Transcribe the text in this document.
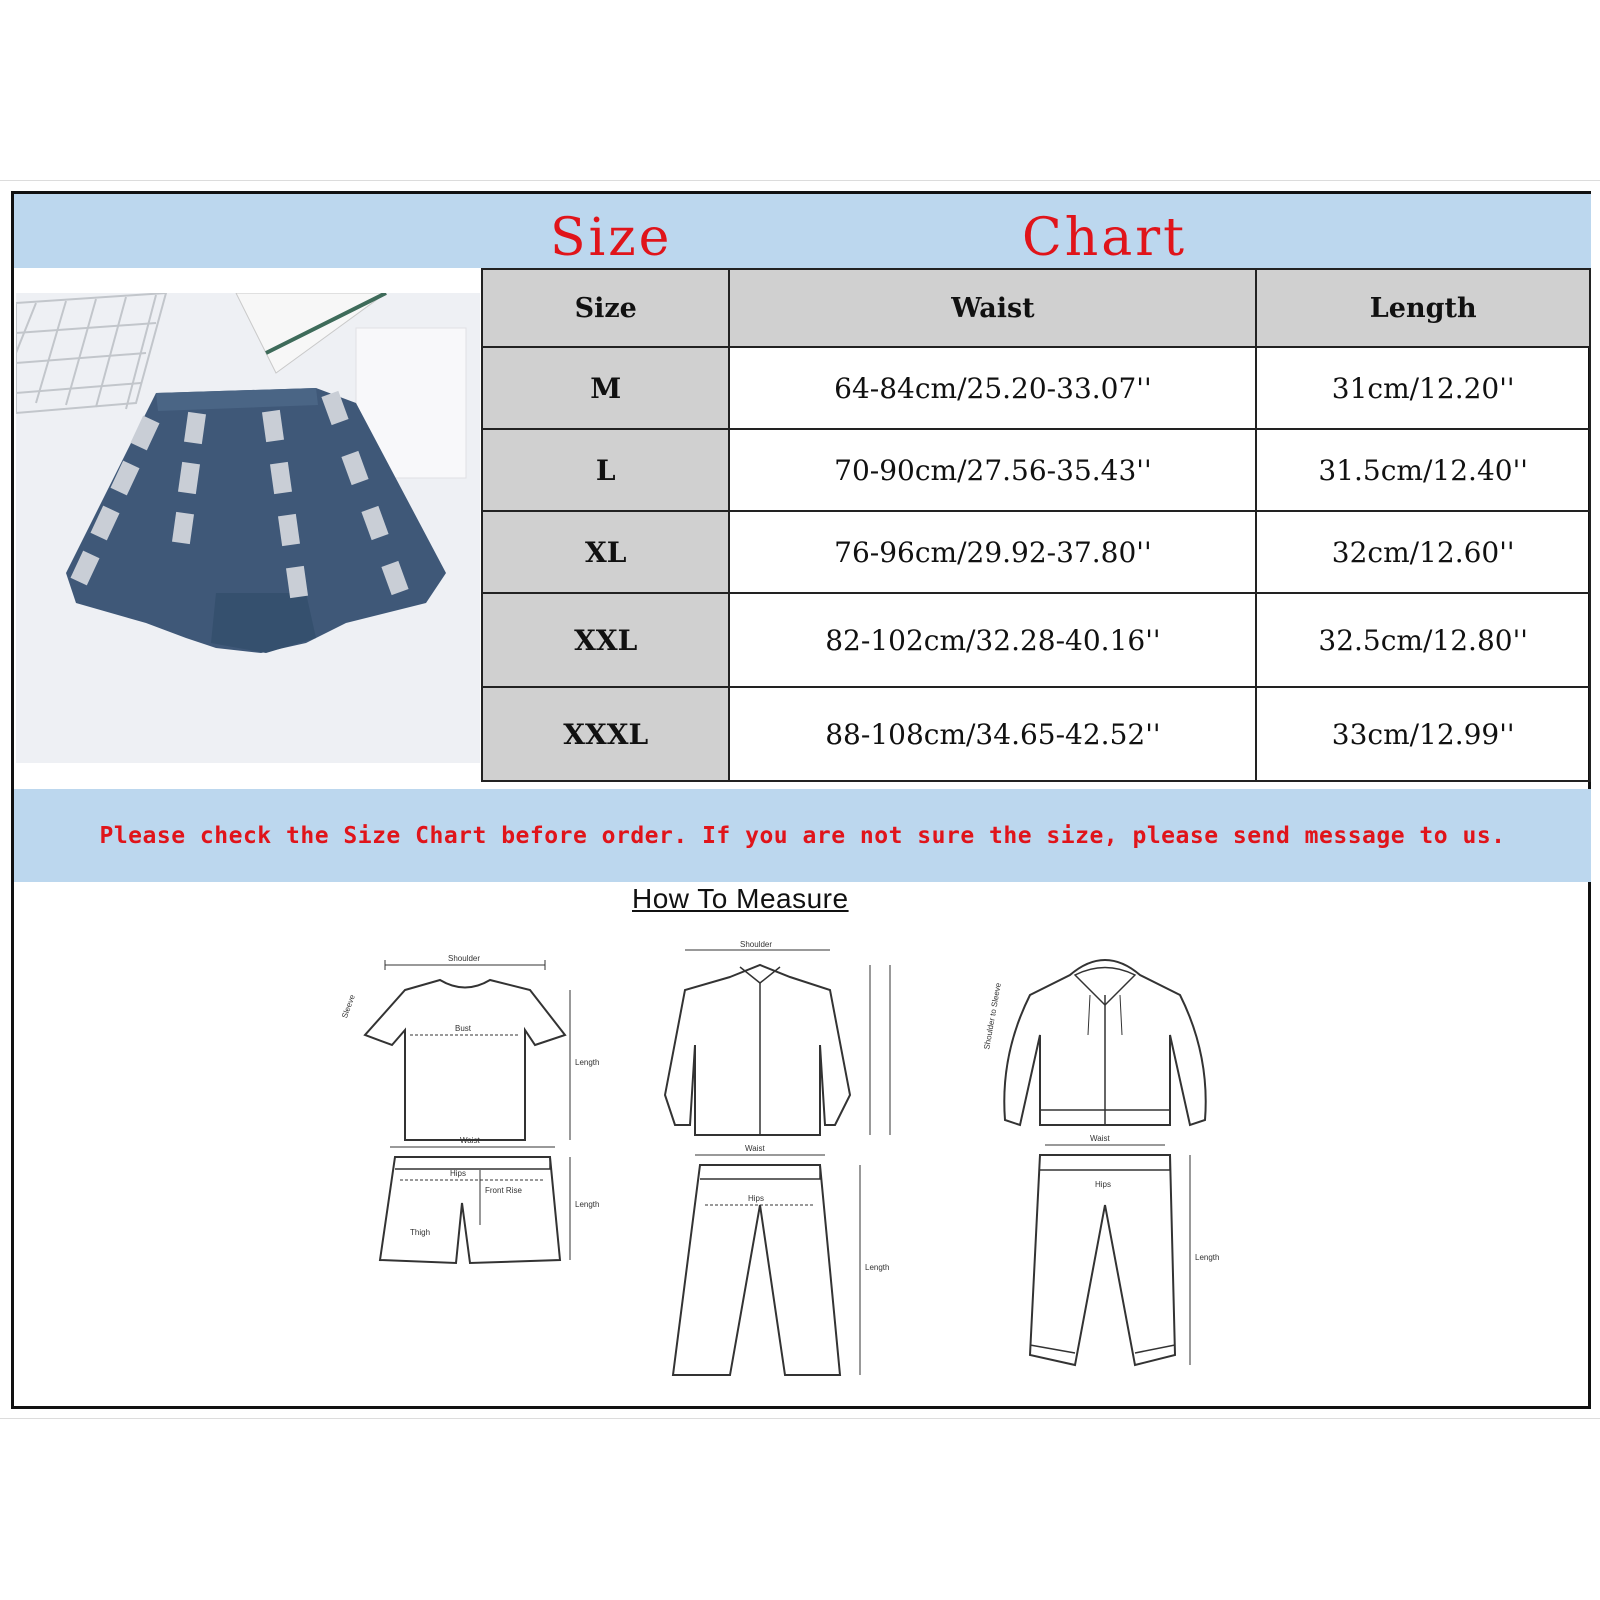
Size	Chart
Size	Waist	Length
M	64-84cm/25.20-33.07''	31cm/12.20''
L	70-90cm/27.56-35.43''	31.5cm/12.40''
XL	76-96cm/29.92-37.80''	32cm/12.60''
XXL	82-102cm/32.28-40.16''	32.5cm/12.80''
XXXL	88-108cm/34.65-42.52''	33cm/12.99''
Please check the Size Chart before order. If you are not sure the size, please send message to us.
How To Measure
Shoulder
Bust
Length
Sleeve
Waist
Hips
Front Rise
Thigh
Length
Shoulder
Waist
Hips
Length
Waist
Hips
Length
Shoulder to Sleeve
